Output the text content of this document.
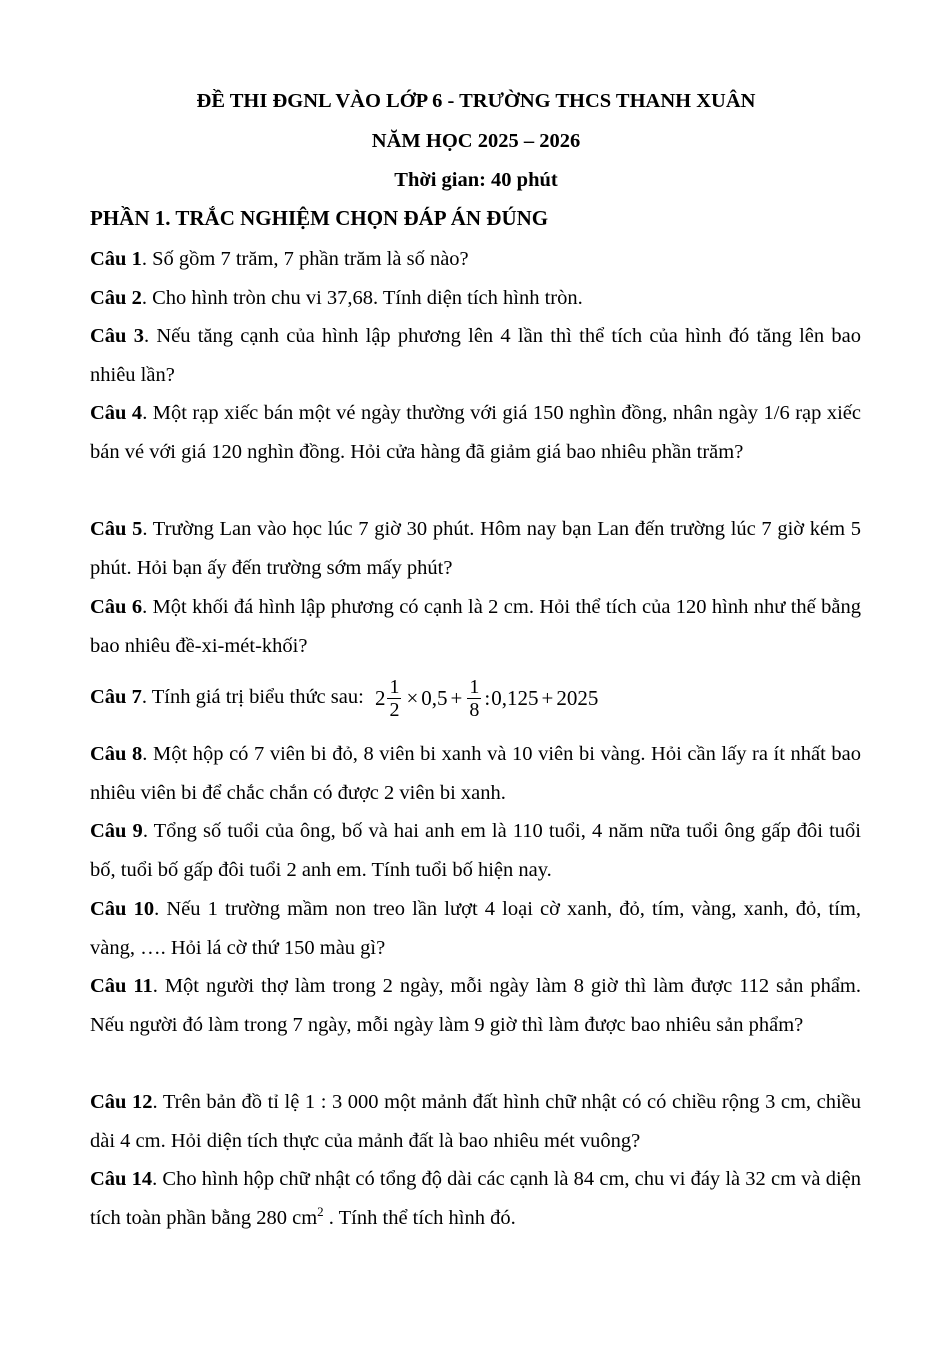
ĐỀ THI ĐGNL VÀO LỚP 6 - TRƯỜNG THCS THANH XUÂN
NĂM HỌC 2025 – 2026
Thời gian: 40 phút
PHẦN 1. TRẮC NGHIỆM CHỌN ĐÁP ÁN ĐÚNG
Câu 1. Số gồm 7 trăm, 7 phần trăm là số nào?
Câu 2. Cho hình tròn chu vi 37,68. Tính diện tích hình tròn.
Câu 3. Nếu tăng cạnh của hình lập phương lên 4 lần thì thể tích của hình đó tăng lên bao nhiêu lần?
Câu 4. Một rạp xiếc bán một vé ngày thường với giá 150 nghìn đồng, nhân ngày 1/6 rạp xiếc bán vé với giá 120 nghìn đồng. Hỏi cửa hàng đã giảm giá bao nhiêu phần trăm?
Câu 5. Trường Lan vào học lúc 7 giờ 30 phút. Hôm nay bạn Lan đến trường lúc 7 giờ kém 5 phút. Hỏi bạn ấy đến trường sớm mấy phút?
Câu 6. Một khối đá hình lập phương có cạnh là 2 cm. Hỏi thể tích của 120 hình như thế bằng bao nhiêu đề-xi-mét-khối?
Câu 7. Tính giá trị biểu thức sau: $2 \frac{1}{2} \times 0,5 + \frac{1}{8}$ : 0,125 + 2025
Câu 8. Một hộp có 7 viên bi đỏ, 8 viên bi xanh và 10 viên bi vàng. Hỏi cần lấy ra ít nhất bao nhiêu viên bi để chắc chắn có được 2 viên bi xanh.
Câu 9. Tổng số tuổi của ông, bố và hai anh em là 110 tuổi, 4 năm nữa tuổi ông gấp đôi tuổi bố, tuổi bố gấp đôi tuổi 2 anh em. Tính tuổi bố hiện nay.
Câu 10. Nếu 1 trường mầm non treo lần lượt 4 loại cờ xanh, đỏ, tím, vàng, xanh, đỏ, tím, vàng, …. Hỏi lá cờ thứ 150 màu gì?
Câu 11. Một người thợ làm trong 2 ngày, mỗi ngày làm 8 giờ thì làm được 112 sản phẩm. Nếu người đó làm trong 7 ngày, mỗi ngày làm 9 giờ thì làm được bao nhiêu sản phẩm?
Câu 12. Trên bản đồ tỉ lệ 1 : 3 000 một mảnh đất hình chữ nhật có có chiều rộng 3 cm, chiều dài 4 cm. Hỏi diện tích thực của mảnh đất là bao nhiêu mét vuông?
Câu 14. Cho hình hộp chữ nhật có tổng độ dài các cạnh là 84 cm, chu vi đáy là 32 cm và diện tích toàn phần bằng 280 $cm^2$ . Tính thể tích hình đó.
